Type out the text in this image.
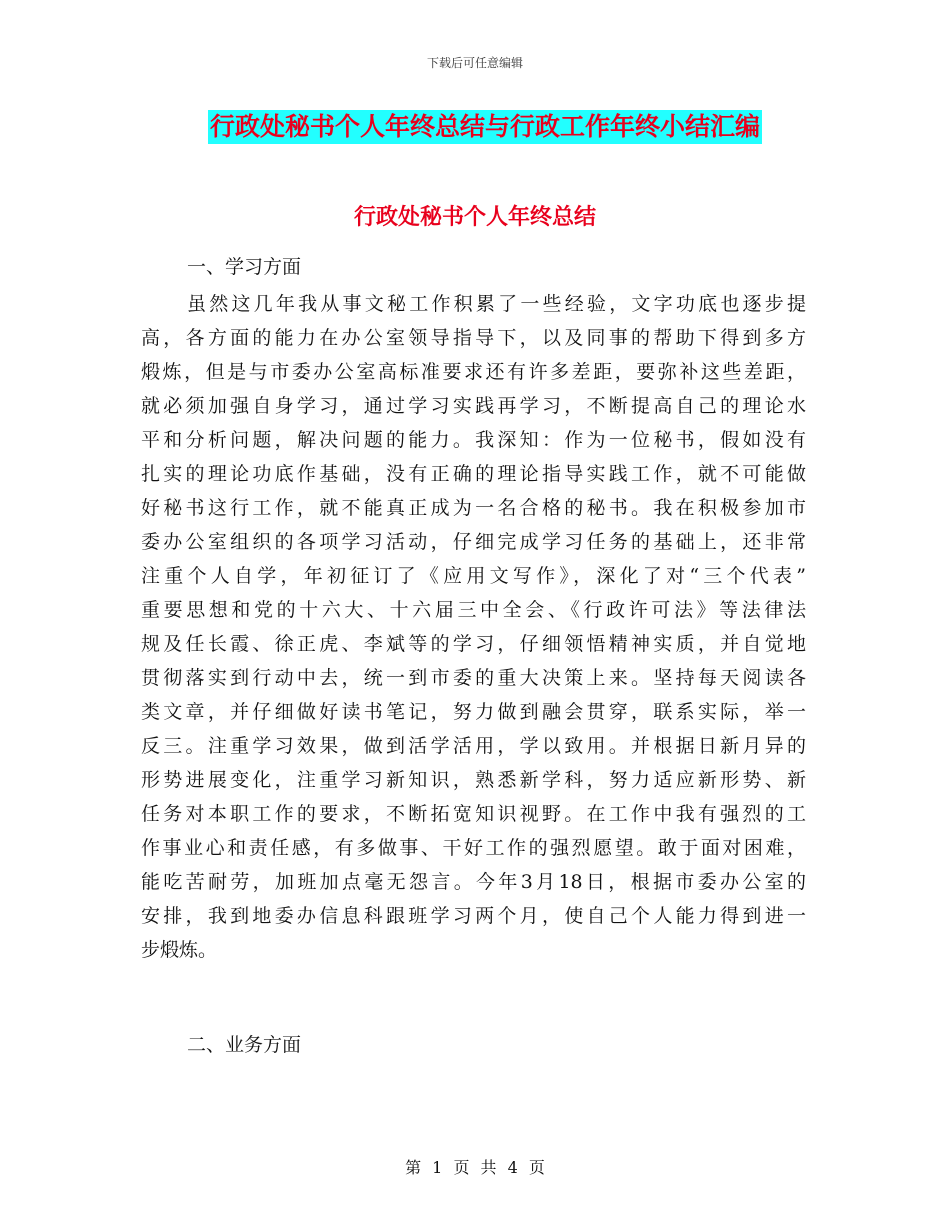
下载后可任意编辑
行政处秘书个人年终总结与行政工作年终小结汇编
行政处秘书个人年终总结
一、学习方面
虽然这几年我从事文秘工作积累了一些经验，文字功底也逐步提
高，各方面的能力在办公室领导指导下，以及同事的帮助下得到多方
煅炼，但是与市委办公室高标准要求还有许多差距，要弥补这些差距，
就必须加强自身学习，通过学习实践再学习，不断提高自己的理论水
平和分析问题，解决问题的能力。我深知：作为一位秘书，假如没有
扎实的理论功底作基础，没有正确的理论指导实践工作，就不可能做
好秘书这行工作，就不能真正成为一名合格的秘书。我在积极参加市
委办公室组织的各项学习活动，仔细完成学习任务的基础上，还非常
注重个人自学，年初征订了《应用文写作》，深化了对“三个代表”
重要思想和党的十六大、十六届三中全会、《行政许可法》等法律法
规及任长霞、徐正虎、李斌等的学习，仔细领悟精神实质，并自觉地
贯彻落实到行动中去，统一到市委的重大决策上来。坚持每天阅读各
类文章，并仔细做好读书笔记，努力做到融会贯穿，联系实际，举一
反三。注重学习效果，做到活学活用，学以致用。并根据日新月异的
形势进展变化，注重学习新知识，熟悉新学科，努力适应新形势、新
任务对本职工作的要求，不断拓宽知识视野。在工作中我有强烈的工
作事业心和责任感，有多做事、干好工作的强烈愿望。敢于面对困难，
能吃苦耐劳，加班加点毫无怨言。今年3月18日，根据市委办公室的
安排，我到地委办信息科跟班学习两个月，使自己个人能力得到进一
步煅炼。
二、业务方面
第 1 页 共 4 页
